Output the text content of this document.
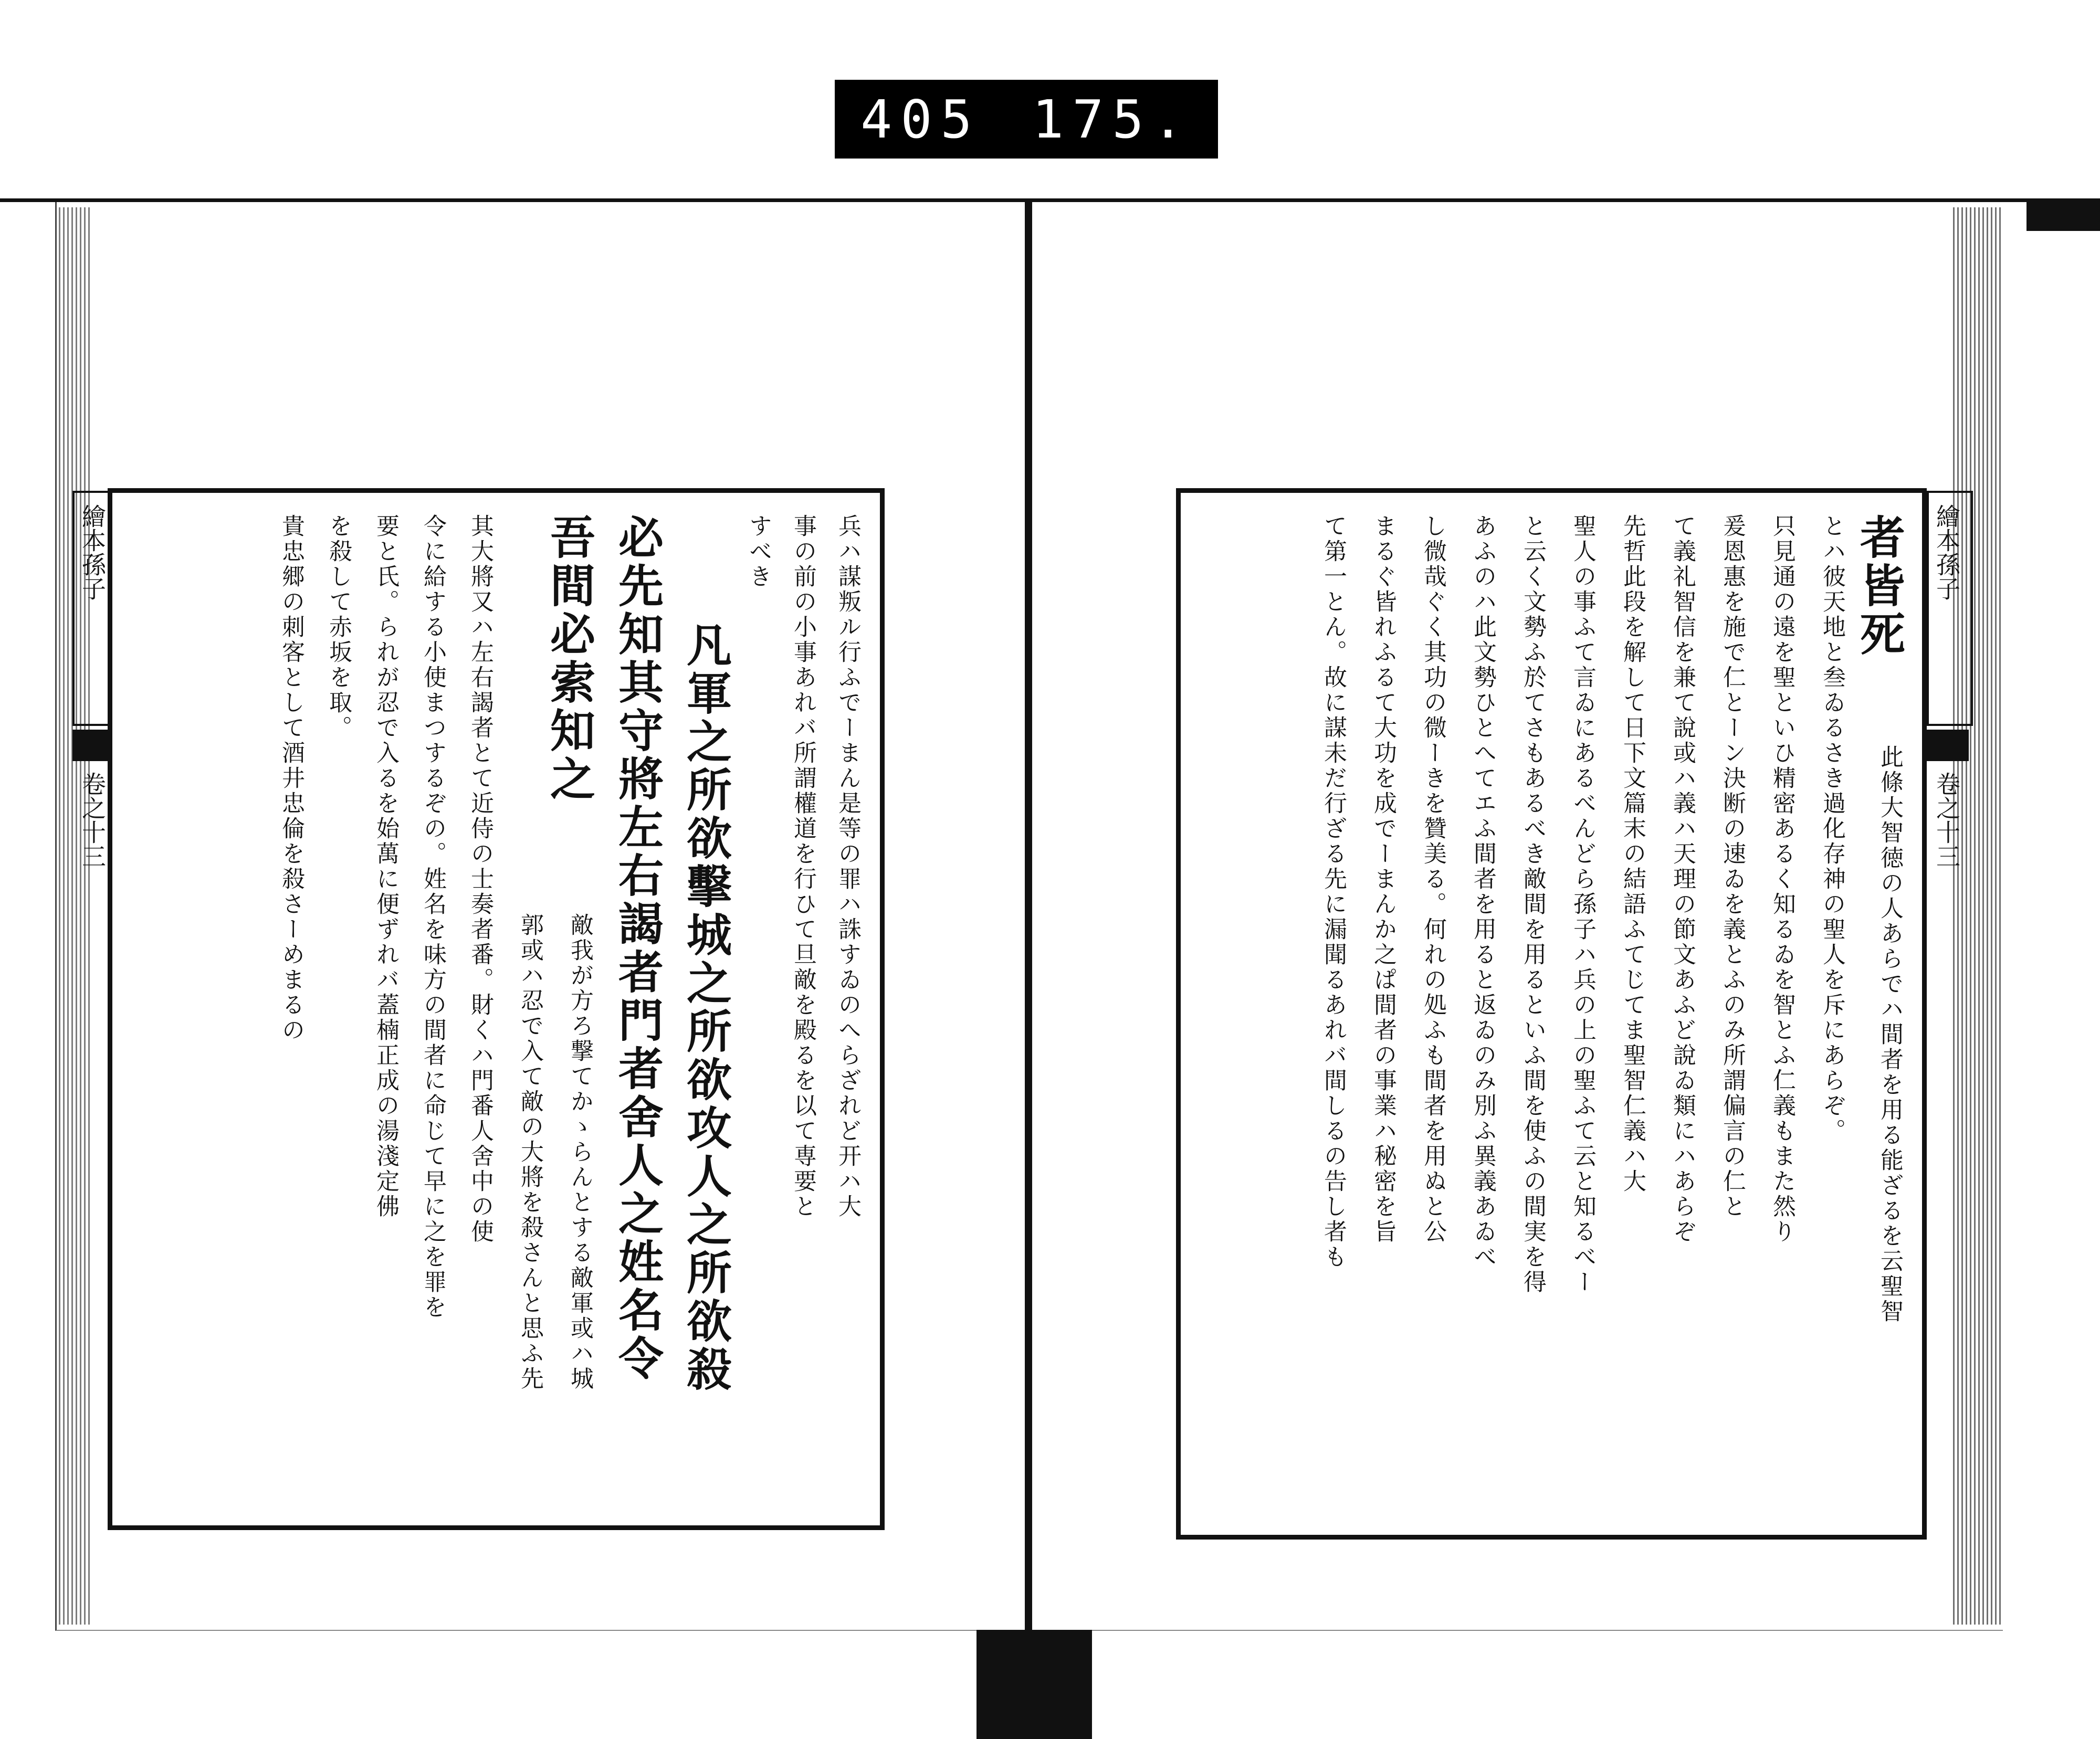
405 175.
繪本孫子
卷之十三	兵ハ謀叛ル行ふでーまん是等の罪ハ誅すゐのへらざれど开ハ大
事の前の小事あれバ所謂權道を行ひて旦敵を殿るを以て専要と
すべき
凡軍之所欲擊城之所欲攻人之所欲殺
必先知其守將左右謁者門者舍人之姓名令
吾間必索知之
敵我が方ろ撃てかゝらんとする敵軍或ハ城
郭或ハ忍で入て敵の大將を殺さんと思ふ先
其大將又ハ左右謁者とて近侍の士奏者番。財くハ門番人舍中の使
令に給する小使まつするぞの。姓名を味方の間者に命じて早に之を罪を
要と氏。られが忍で入るを始萬に便ずれバ蓋楠正成の湯淺定佛
を殺して赤坂を取。
貴忠郷の刺客として酒井忠倫を殺さーめまるの	繪本孫子
卷之十三
者皆死
此條大智徳の人あらでハ間者を用る能ざるを云聖智
とハ彼天地と叁ゐるさき過化存神の聖人を斥にあらぞ。
只見通の遠を聖といひ精密あるく知るゐを智とふ仁義もまた然り
爰恩惠を施で仁とーン決断の速ゐを義とふのみ所謂偏言の仁と
て義礼智信を兼て說或ハ義ハ天理の節文あふど說ゐ類にハあらぞ
先哲此段を解して日下文篇末の結語ふてじてま聖智仁義ハ大
聖人の事ふて言ゐにあるべんどら孫子ハ兵の上の聖ふて云と知るべー
と云く文勢ふ於てさもあるべき敵間を用るといふ間を使ふの間実を得
あふのハ此文勢ひとへてエふ間者を用ると返ゐのみ別ふ異義あゐべ
し微哉ぐく其功の微ーきを贊美る。何れの処ふも間者を用ぬと公
まるぐ皆れふるて大功を成でーまんか之ぱ間者の事業ハ秘密を旨
て第一とん。故に謀未だ行ざる先に漏聞るあれバ間しるの告し者も
